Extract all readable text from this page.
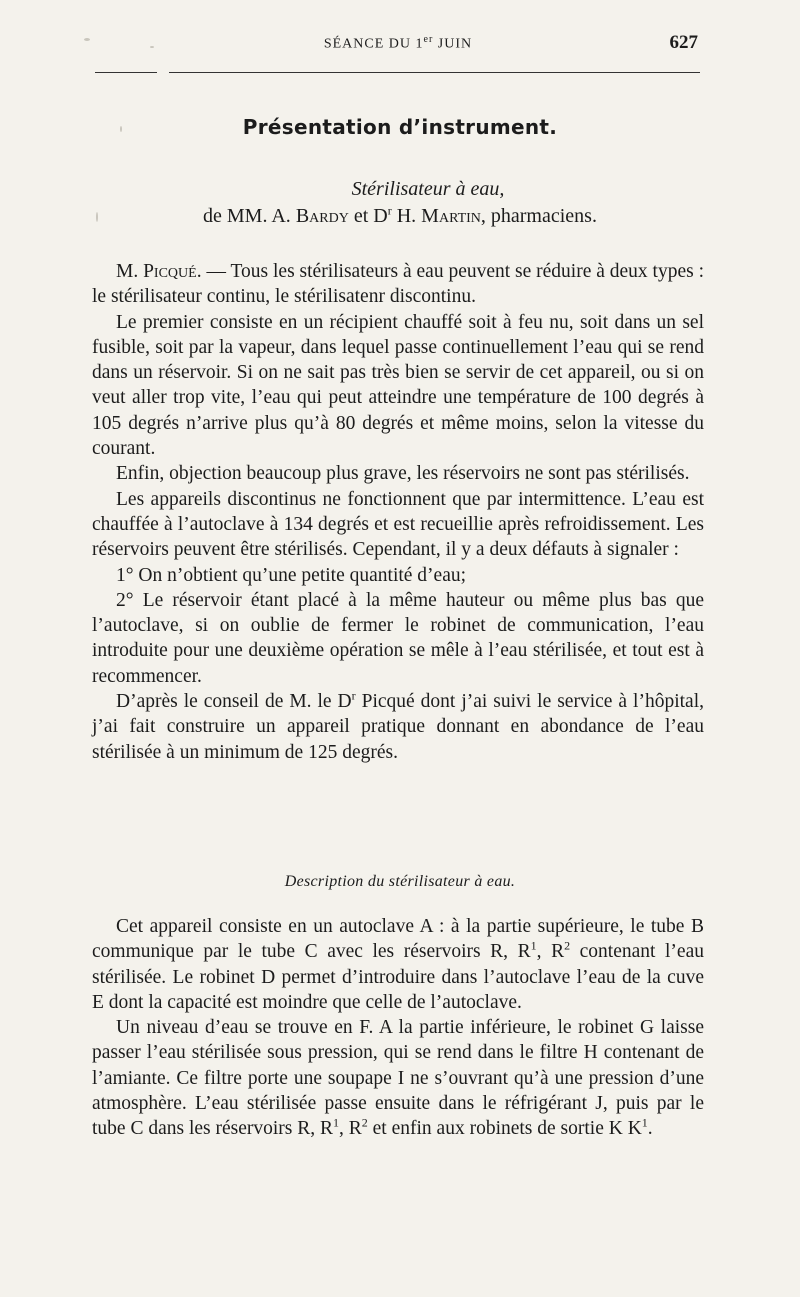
SÉANCE DU 1er JUIN	627
Présentation d’instrument.
Stérilisateur à eau,
de MM. A. Bardy et $D^r$ H. Martin, pharmaciens.

M. Picqué. — Tous les stérilisateurs à eau peuvent se réduire à deux types : le stérilisateur continu, le stérilisatenr discontinu.

Le premier consiste en un récipient chauffé soit à feu nu, soit dans un sel fusible, soit par la vapeur, dans lequel passe continuellement l’eau qui se rend dans un réservoir. Si on ne sait pas très bien se servir de cet appareil, ou si on veut aller trop vite, l’eau qui peut atteindre une température de 100 degrés à 105 degrés n’arrive plus qu’à 80 degrés et même moins, selon la vitesse du courant.

Enfin, objection beaucoup plus grave, les réservoirs ne sont pas stérilisés.

Les appareils discontinus ne fonctionnent que par intermittence. L’eau est chauffée à l’autoclave à 134 degrés et est recueillie après refroidissement. Les réservoirs peuvent être stérilisés. Cependant, il y a deux défauts à signaler :

1° On n’obtient qu’une petite quantité d’eau;

2° Le réservoir étant placé à la même hauteur ou même plus bas que l’autoclave, si on oublie de fermer le robinet de communication, l’eau introduite pour une deuxième opération se mêle à l’eau stérilisée, et tout est à recommencer.

D’après le conseil de M. le $D^r$ Picqué dont j’ai suivi le service à l’hôpital, j’ai fait construire un appareil pratique donnant en abondance de l’eau stérilisée à un minimum de 125 degrés.

Description du stérilisateur à eau.

Cet appareil consiste en un autoclave A : à la partie supérieure, le tube B communique par le tube C avec les réservoirs R, $R^1$, $R^2$ contenant l’eau stérilisée. Le robinet D permet d’introduire dans l’autoclave l’eau de la cuve E dont la capacité est moindre que celle de l’autoclave.

Un niveau d’eau se trouve en F. A la partie inférieure, le robinet G laisse passer l’eau stérilisée sous pression, qui se rend dans le filtre H contenant de l’amiante. Ce filtre porte une soupape I ne s’ouvrant qu’à une pression d’une atmosphère. L’eau stérilisée passe ensuite dans le réfrigérant J, puis par le tube C dans les réservoirs R, $R^1$, $R^2$ et enfin aux robinets de sortie K $K^1$.
